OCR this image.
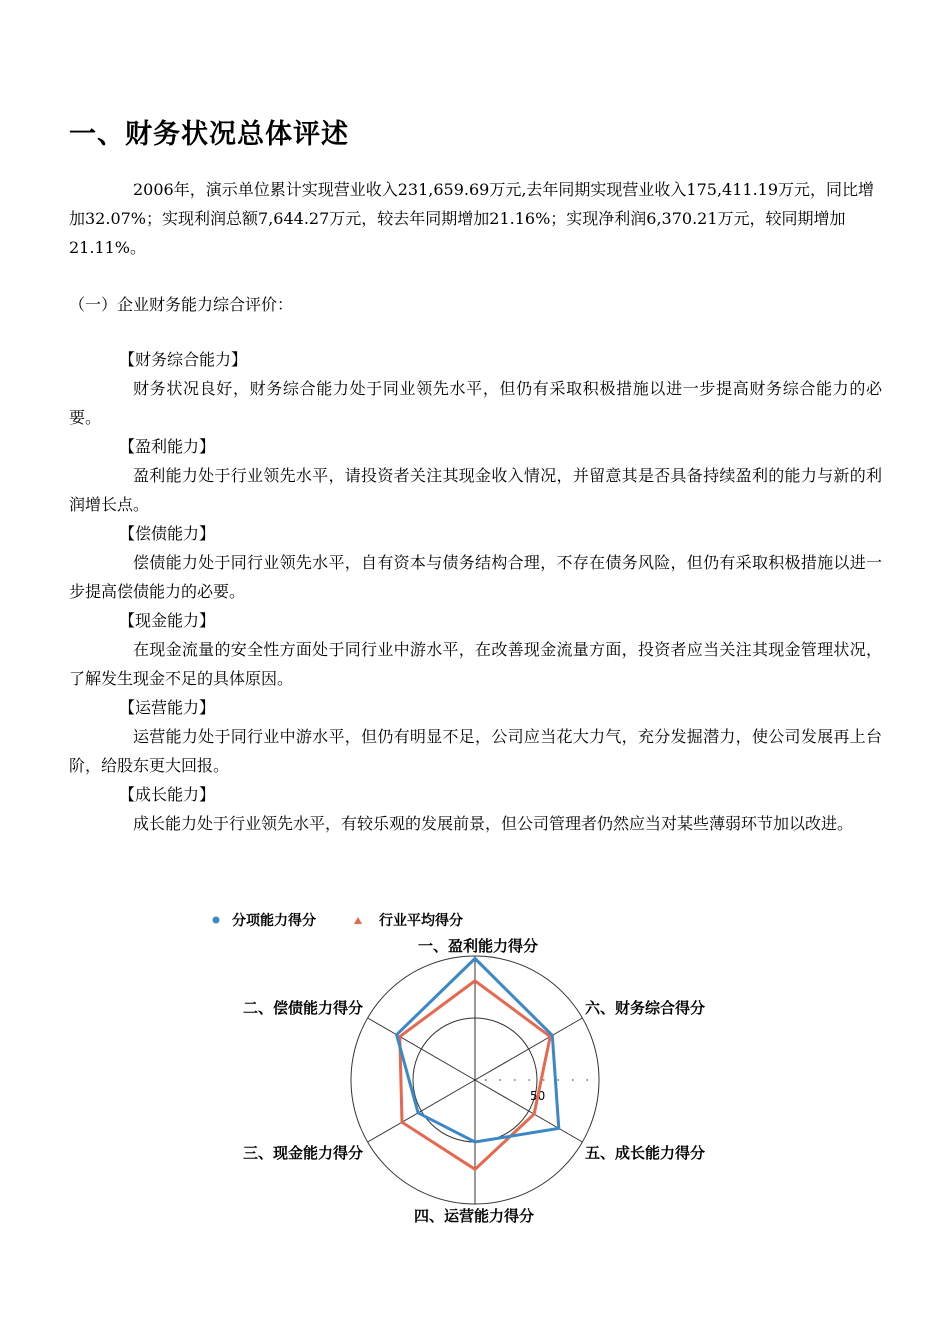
一、财务状况总体评述

2006年，演示单位累计实现营业收入231,659.69万元,去年同期实现营业收入175,411.19万元，同比增加32.07%；实现利润总额7,644.27万元，较去年同期增加21.16%；实现净利润6,370.21万元，较同期增加21.11%。

（一）企业财务能力综合评价：

【财务综合能力】

财务状况良好，财务综合能力处于同业领先水平，但仍有采取积极措施以进一步提高财务综合能力的必要。

【盈利能力】

盈利能力处于行业领先水平，请投资者关注其现金收入情况，并留意其是否具备持续盈利的能力与新的利润增长点。

【偿债能力】

偿债能力处于同行业领先水平，自有资本与债务结构合理，不存在债务风险，但仍有采取积极措施以进一步提高偿债能力的必要。

【现金能力】

在现金流量的安全性方面处于同行业中游水平，在改善现金流量方面，投资者应当关注其现金管理状况，了解发生现金不足的具体原因。

【运营能力】

运营能力处于同行业中游水平，但仍有明显不足，公司应当花大力气，充分发掘潜力，使公司发展再上台阶，给股东更大回报。

【成长能力】

成长能力处于行业领先水平，有较乐观的发展前景，但公司管理者仍然应当对某些薄弱环节加以改进。

分项能力得分	行业平均得分
50
一、盈利能力得分
六、财务综合得分
五、成长能力得分
四、运营能力得分
三、现金能力得分
二、偿债能力得分
